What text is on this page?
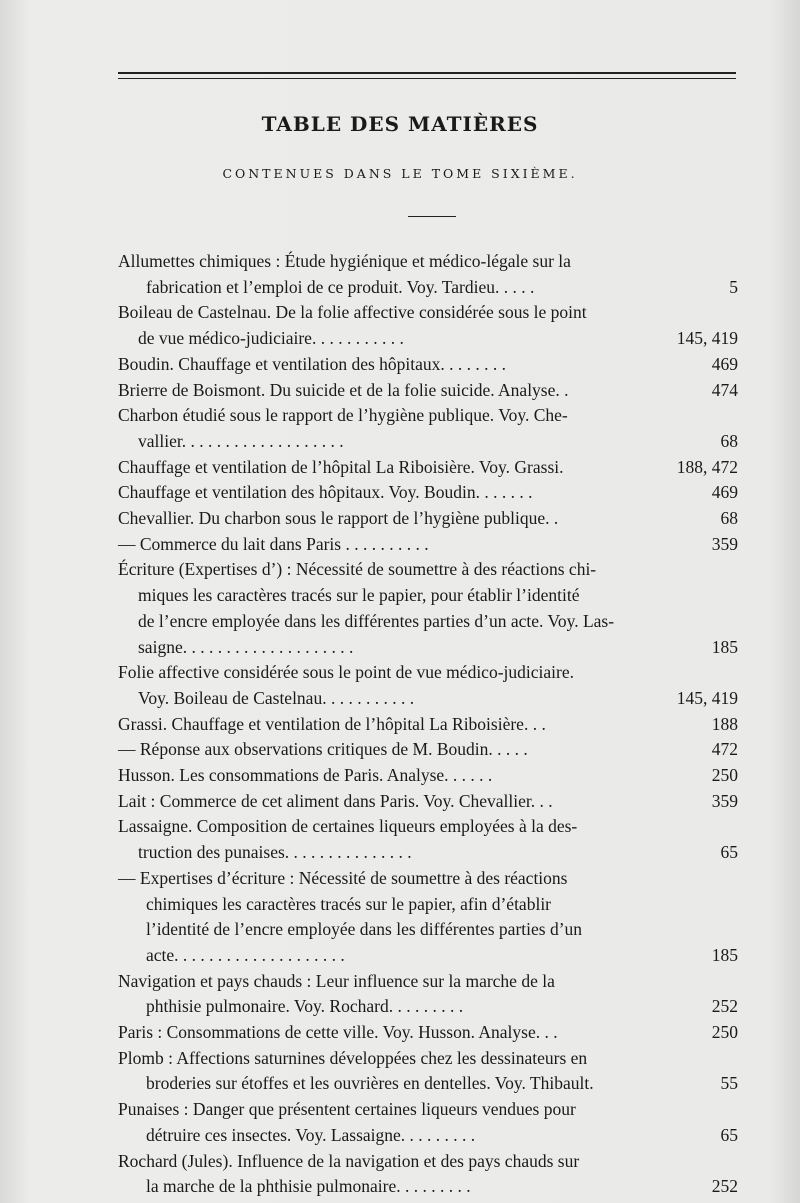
TABLE DES MATIÈRES
CONTENUES DANS LE TOME SIXIÈME.
Allumettes chimiques : Étude hygiénique et médico-légale sur la
fabrication et l’emploi de ce produit. Voy. Tardieu. . . . .	5
Boileau de Castelnau. De la folie affective considérée sous le point
de vue médico-judiciaire. . . . . . . . . . .	145, 419
Boudin. Chauffage et ventilation des hôpitaux. . . . . . . .	469
Brierre de Boismont. Du suicide et de la folie suicide. Analyse. .	474
Charbon étudié sous le rapport de l’hygiène publique. Voy. Che-
vallier. . . . . . . . . . . . . . . . . . .	68
Chauffage et ventilation de l’hôpital La Riboisière. Voy. Grassi.	188, 472
Chauffage et ventilation des hôpitaux. Voy. Boudin. . . . . . .	469
Chevallier. Du charbon sous le rapport de l’hygiène publique. .	68
— Commerce du lait dans Paris . . . . . . . . . .	359
Écriture (Expertises d’) : Nécessité de soumettre à des réactions chi-
miques les caractères tracés sur le papier, pour établir l’identité
de l’encre employée dans les différentes parties d’un acte. Voy. Las-
saigne. . . . . . . . . . . . . . . . . . . .	185
Folie affective considérée sous le point de vue médico-judiciaire.
Voy. Boileau de Castelnau. . . . . . . . . . .	145, 419
Grassi. Chauffage et ventilation de l’hôpital La Riboisière. . .	188
— Réponse aux observations critiques de M. Boudin. . . . .	472
Husson. Les consommations de Paris. Analyse. . . . . .	250
Lait : Commerce de cet aliment dans Paris. Voy. Chevallier. . .	359
Lassaigne. Composition de certaines liqueurs employées à la des-
truction des punaises. . . . . . . . . . . . . . .	65
— Expertises d’écriture : Nécessité de soumettre à des réactions
chimiques les caractères tracés sur le papier, afin d’établir
l’identité de l’encre employée dans les différentes parties d’un
acte. . . . . . . . . . . . . . . . . . . .	185
Navigation et pays chauds : Leur influence sur la marche de la
phthisie pulmonaire. Voy. Rochard. . . . . . . . .	252
Paris : Consommations de cette ville. Voy. Husson. Analyse. . .	250
Plomb : Affections saturnines développées chez les dessinateurs en
broderies sur étoffes et les ouvrières en dentelles. Voy. Thibault.	55
Punaises : Danger que présentent certaines liqueurs vendues pour
détruire ces insectes. Voy. Lassaigne. . . . . . . . .	65
Rochard (Jules). Influence de la navigation et des pays chauds sur
la marche de la phthisie pulmonaire. . . . . . . . .	252
